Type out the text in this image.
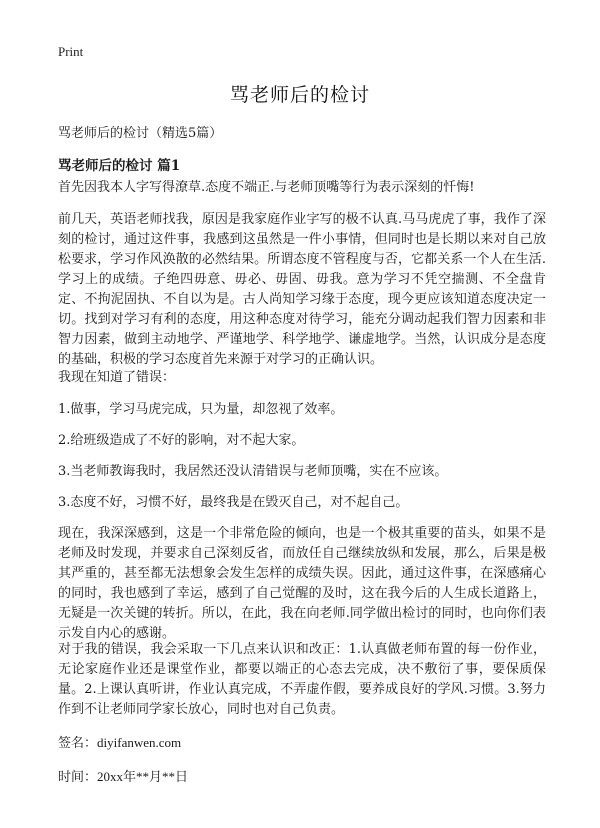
Print
骂老师后的检讨
骂老师后的检讨（精选5篇）
骂老师后的检讨 篇1

首先因我本人字写得潦草.态度不端正.与老师顶嘴等行为表示深刻的忏悔!

前几天，英语老师找我，原因是我家庭作业字写的极不认真.马马虎虎了事，我作了深刻的检讨，通过这件事，我感到这虽然是一件小事情，但同时也是长期以来对自己放松要求，学习作风涣散的必然结果。所谓态度不管程度与否，它都关系一个人在生活.学习上的成绩。子绝四毋意、毋必、毋固、毋我。意为学习不凭空揣测、不全盘肯定、不拘泥固执、不自以为是。古人尚知学习缘于态度，现今更应该知道态度决定一切。找到对学习有利的态度，用这种态度对待学习，能充分调动起我们智力因素和非智力因素，做到主动地学、严谨地学、科学地学、谦虚地学。当然，认识成分是态度的基础，积极的学习态度首先来源于对学习的正确认识。

我现在知道了错误：

1.做事，学习马虎完成，只为量，却忽视了效率。

2.给班级造成了不好的影响，对不起大家。

3.当老师教诲我时，我居然还没认清错误与老师顶嘴，实在不应该。

3.态度不好，习惯不好，最终我是在毁灭自己，对不起自己。

现在，我深深感到，这是一个非常危险的倾向，也是一个极其重要的苗头，如果不是老师及时发现，并要求自己深刻反省，而放任自己继续放纵和发展，那么，后果是极其严重的，甚至都无法想象会发生怎样的成绩失误。因此，通过这件事，在深感痛心的同时，我也感到了幸运，感到了自己觉醒的及时，这在我今后的人生成长道路上，无疑是一次关键的转折。所以，在此，我在向老师.同学做出检讨的同时，也向你们表示发自内心的感谢。

对于我的错误，我会采取一下几点来认识和改正：1.认真做老师布置的每一份作业，无论家庭作业还是课堂作业，都要以端正的心态去完成，决不敷衍了事，要保质保量。2.上课认真听讲，作业认真完成，不弄虚作假，要养成良好的学风.习惯。3.努力作到不让老师同学家长放心，同时也对自己负责。

签名：diyifanwen.com
时间：20xx年**月**日
